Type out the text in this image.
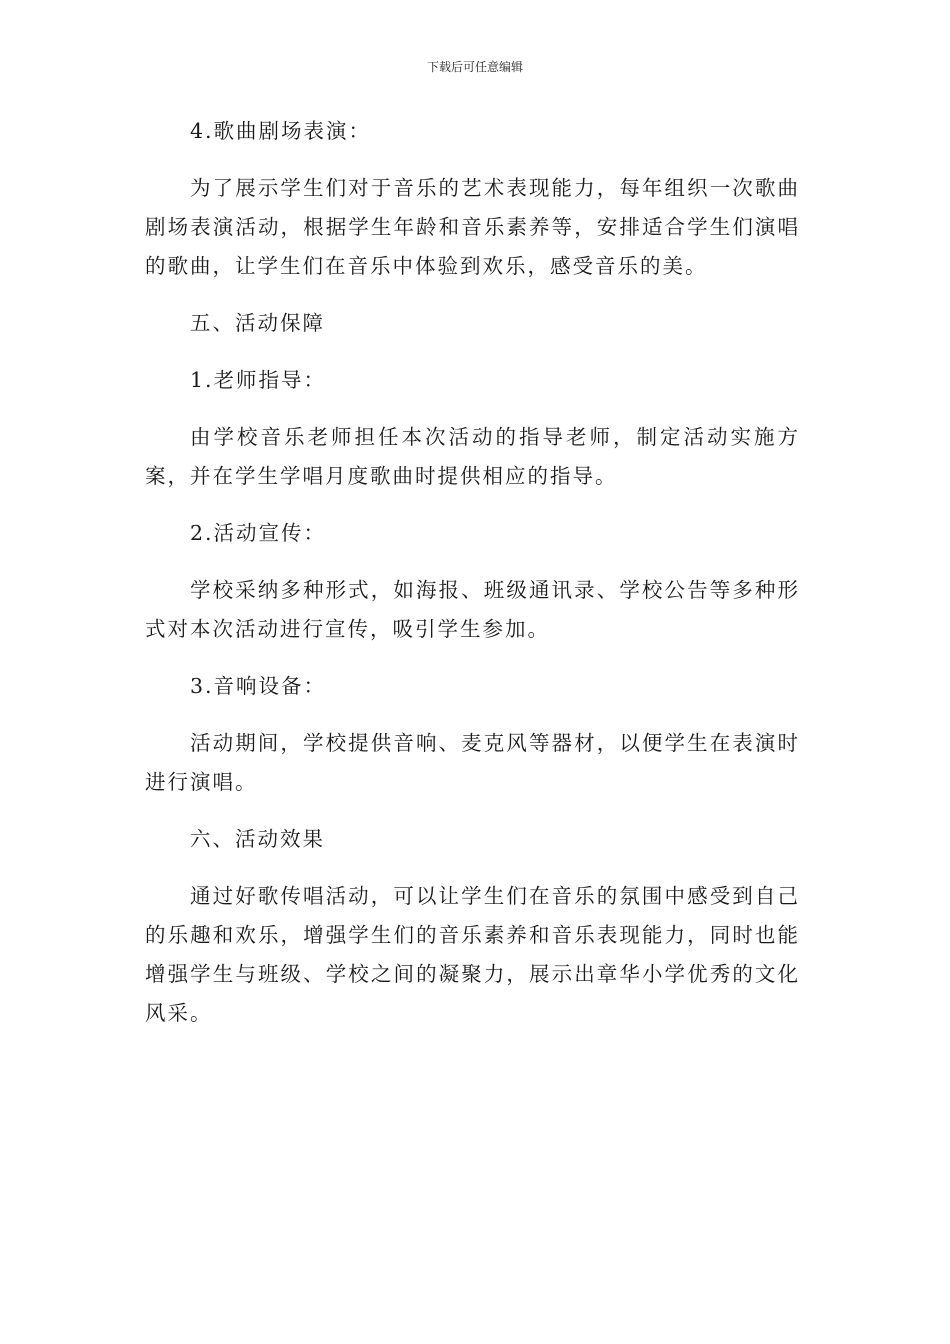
下载后可任意编辑

4.歌曲剧场表演：

为了展示学生们对于音乐的艺术表现能力，每年组织一次歌曲剧场表演活动，根据学生年龄和音乐素养等，安排适合学生们演唱的歌曲，让学生们在音乐中体验到欢乐，感受音乐的美。

五、活动保障

1.老师指导：

由学校音乐老师担任本次活动的指导老师，制定活动实施方案，并在学生学唱月度歌曲时提供相应的指导。

2.活动宣传：

学校采纳多种形式，如海报、班级通讯录、学校公告等多种形式对本次活动进行宣传，吸引学生参加。

3.音响设备：

活动期间，学校提供音响、麦克风等器材，以便学生在表演时进行演唱。

六、活动效果

通过好歌传唱活动，可以让学生们在音乐的氛围中感受到自己的乐趣和欢乐，增强学生们的音乐素养和音乐表现能力，同时也能增强学生与班级、学校之间的凝聚力，展示出章华小学优秀的文化风采。
